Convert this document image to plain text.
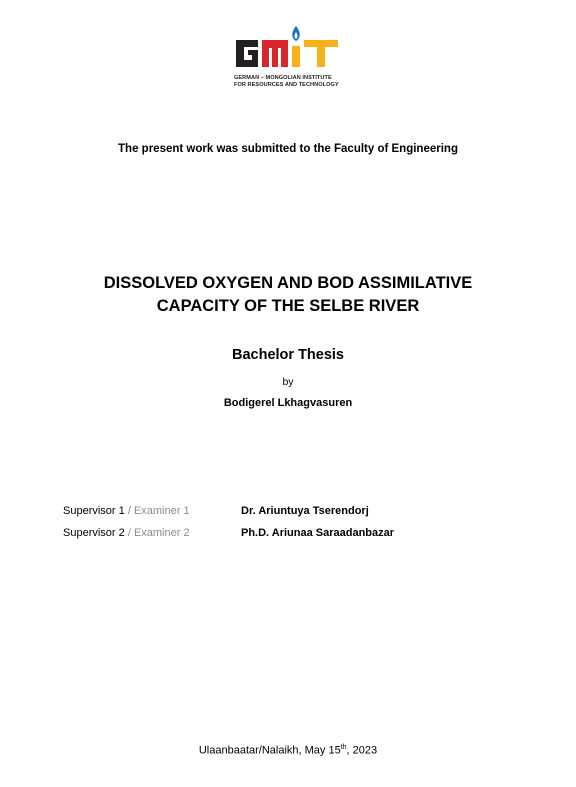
GERMAN – MONGOLIAN INSTITUTE
FOR RESOURCES AND TECHNOLOGY
The present work was submitted to the Faculty of Engineering
DISSOLVED OXYGEN AND BOD ASSIMILATIVE
CAPACITY OF THE SELBE RIVER
Bachelor Thesis
by
Bodigerel Lkhagvasuren
Supervisor 1 / Examiner 1	Dr. Ariuntuya Tserendorj
Supervisor 2 / Examiner 2	Ph.D. Ariunaa Saraadanbazar
Ulaanbaatar/Nalaikh, May 15th, 2023
